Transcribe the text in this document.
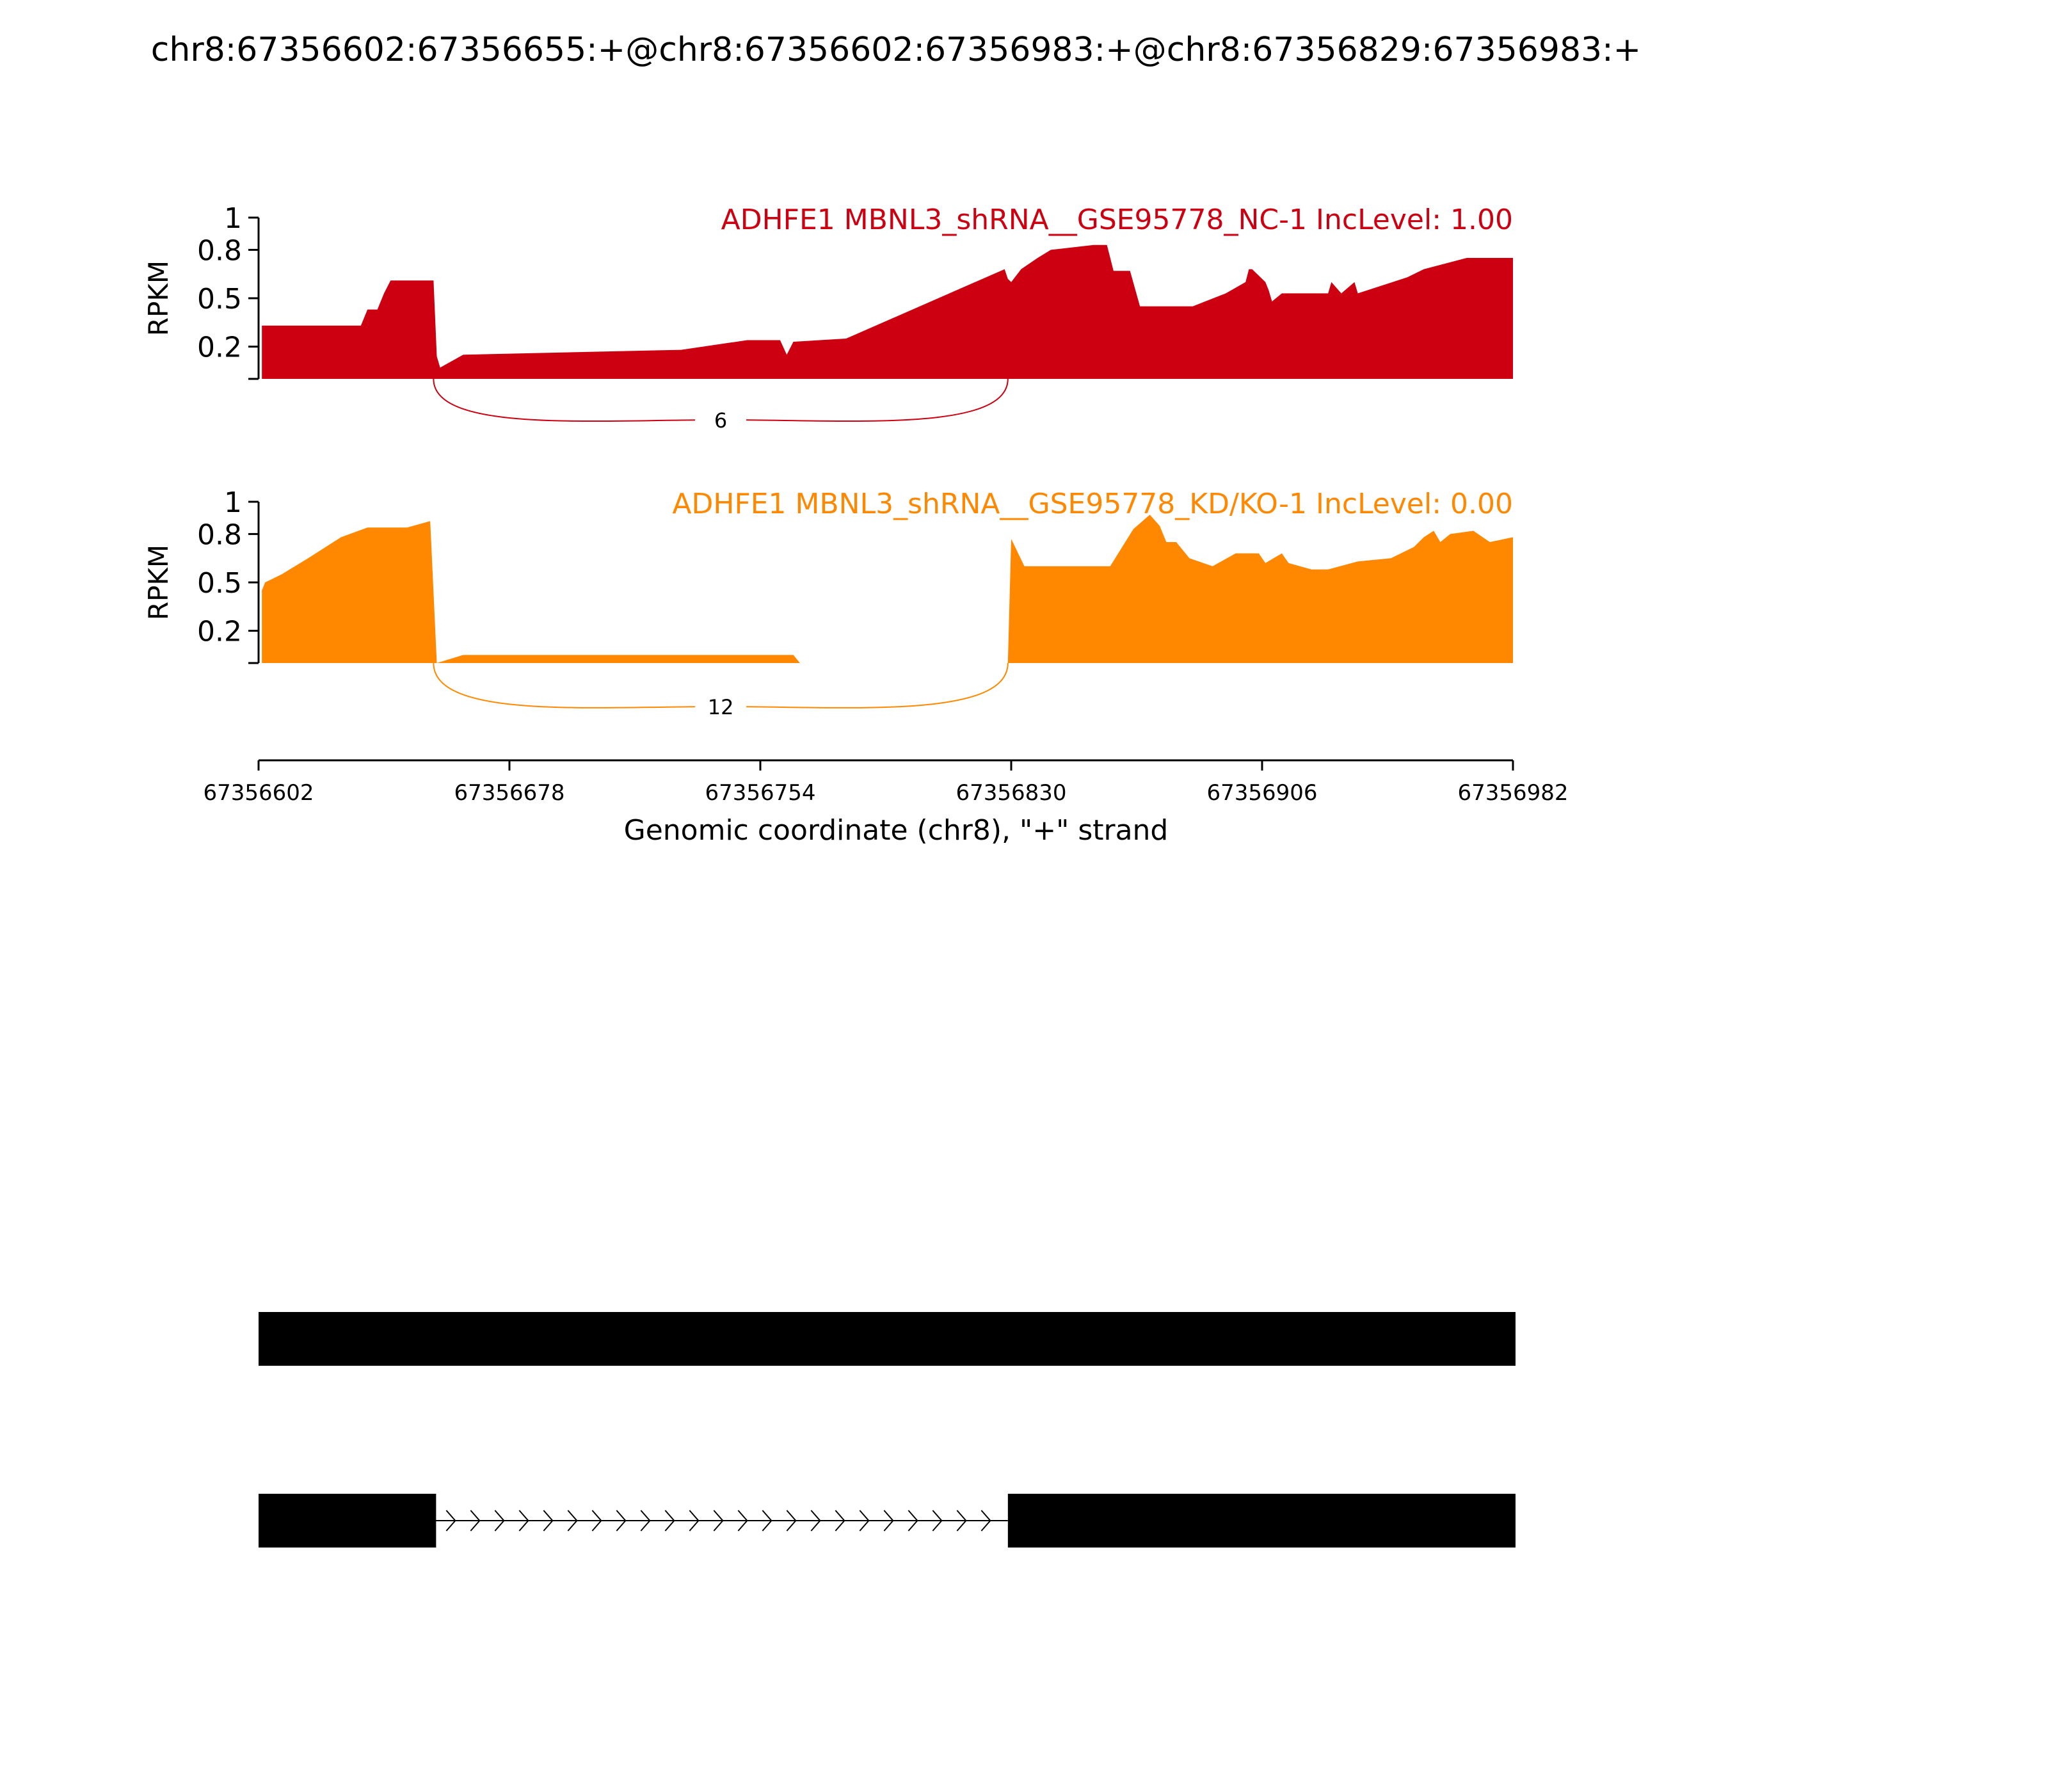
chr8:67356602:67356655:+@chr8:67356602:67356983:+@chr8:67356829:67356983:+
1
0.8
0.5
0.2
RPKM
ADHFE1 MBNL3_shRNA__GSE95778_NC-1 IncLevel: 1.00
6
1
0.8
0.5
0.2
RPKM
ADHFE1 MBNL3_shRNA__GSE95778_KD/KO-1 IncLevel: 0.00
12
67356602	67356678	67356754	67356830	67356906	67356982
Genomic coordinate (chr8), "+" strand
